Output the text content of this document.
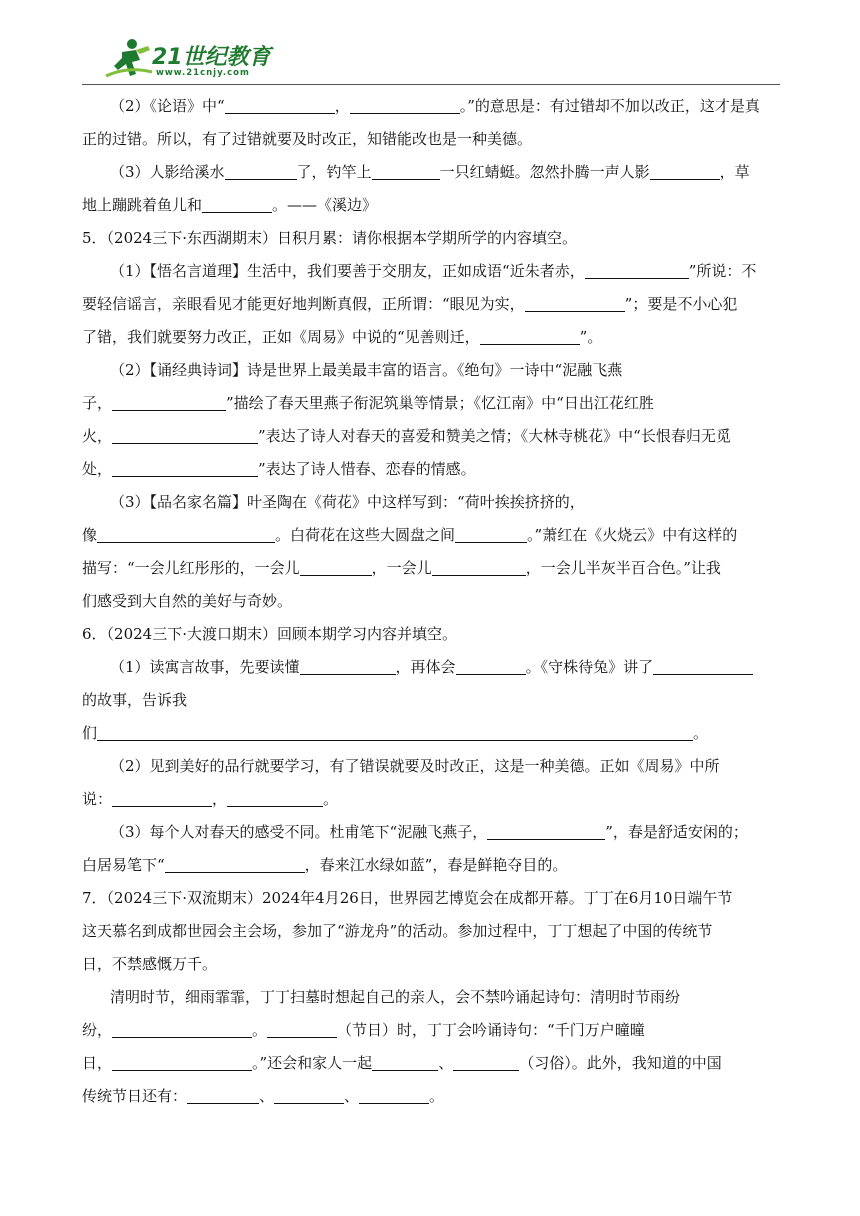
21世纪教育
www.21cnjy.com

（2）《论语》中“	，	。”的意思是：有过错却不加以改正，这才是真

正的过错。所以，有了过错就要及时改正，知错能改也是一种美德。

（3）人影给溪水	了，钓竿上	一只红蜻蜓。忽然扑腾一声人影	，草

地上蹦跳着鱼儿和	。——《溪边》

5．（2024三下·东西湖期末）日积月累：请你根据本学期所学的内容填空。

（1）【悟名言道理】生活中，我们要善于交朋友，正如成语“近朱者赤，	”所说：不

要轻信谣言，亲眼看见才能更好地判断真假，正所谓：“眼见为实，	”；要是不小心犯

了错，我们就要努力改正，正如《周易》中说的“见善则迁，	”。

（2）【诵经典诗词】诗是世界上最美最丰富的语言。《绝句》一诗中“泥融飞燕

子，	”描绘了春天里燕子衔泥筑巢等情景；《忆江南》中“日出江花红胜

火，	”表达了诗人对春天的喜爱和赞美之情；《大林寺桃花》中“长恨春归无觅

处，	”表达了诗人惜春、恋春的情感。

（3）【品名家名篇】叶圣陶在《荷花》中这样写到：“荷叶挨挨挤挤的，

像	。白荷花在这些大圆盘之间	。”萧红在《火烧云》中有这样的

描写：“一会儿红彤彤的，一会儿	，一会儿	，一会儿半灰半百合色。”让我

们感受到大自然的美好与奇妙。

6．（2024三下·大渡口期末）回顾本期学习内容并填空。

（1）读寓言故事，先要读懂	，再体会	。《守株待兔》讲了

的故事，告诉我

们	。

（2）见到美好的品行就要学习，有了错误就要及时改正，这是一种美德。正如《周易》中所

说：	，	。

（3）每个人对春天的感受不同。杜甫笔下“泥融飞燕子，	”，春是舒适安闲的；

白居易笔下“	，春来江水绿如蓝”，春是鲜艳夺目的。

7．（2024三下·双流期末）2024年4月26日，世界园艺博览会在成都开幕。丁丁在6月10日端午节

这天慕名到成都世园会主会场，参加了“游龙舟”的活动。参加过程中，丁丁想起了中国的传统节

日，不禁感慨万千。

清明时节，细雨霏霏，丁丁扫墓时想起自己的亲人，会不禁吟诵起诗句：清明时节雨纷

纷，	。	（节日）时，丁丁会吟诵诗句：“千门万户曈曈

日，	。”还会和家人一起	、	（习俗）。此外，我知道的中国

传统节日还有：	、	、	。
